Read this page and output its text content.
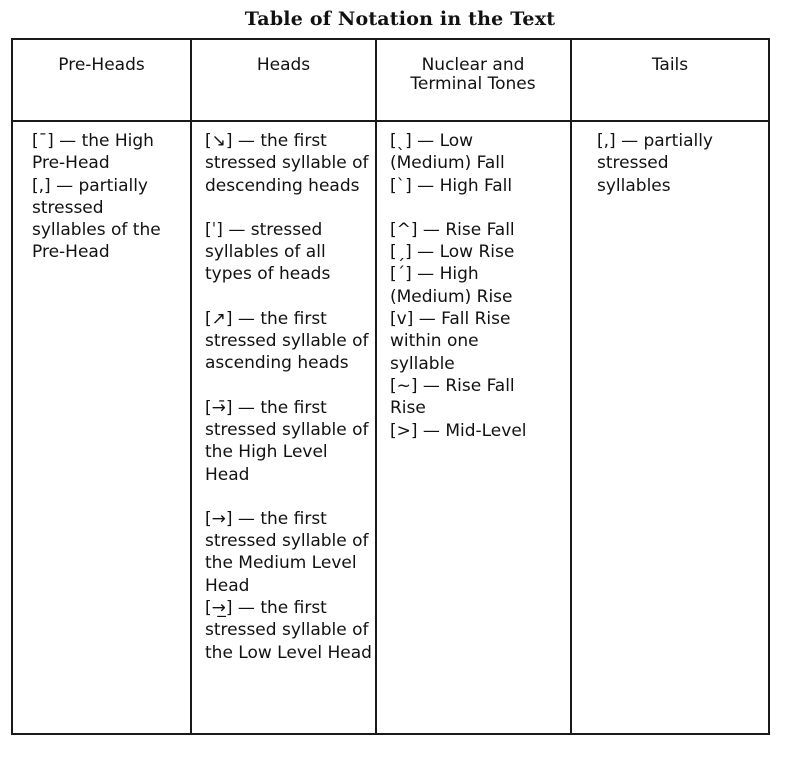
Table of Notation in the Text
Pre-Heads	Heads	Nuclear and Terminal Tones
Tails

[¯] — the High Pre-Head

[,] — partially stressed syllables of the Pre-Head

[↘] — the first stressed syllable of descending heads

[ˈ] — stressed syllables of all types of heads

[↗] — the first stressed syllable of ascending heads

[→̄] — the first stressed syllable of the High Level Head

[→] — the first stressed syllable of the Medium Level Head

[→̲] — the first stressed syllable of the Low Level Head

[ˎ] — Low (Medium) Fall

[ˋ] — High Fall

[^] — Rise Fall

[ˏ] — Low Rise

[ˊ] — High (Medium) Rise

[v] — Fall Rise within one syllable

[~] — Rise Fall Rise

[>] — Mid-Level

[,] — partially stressed syllables
